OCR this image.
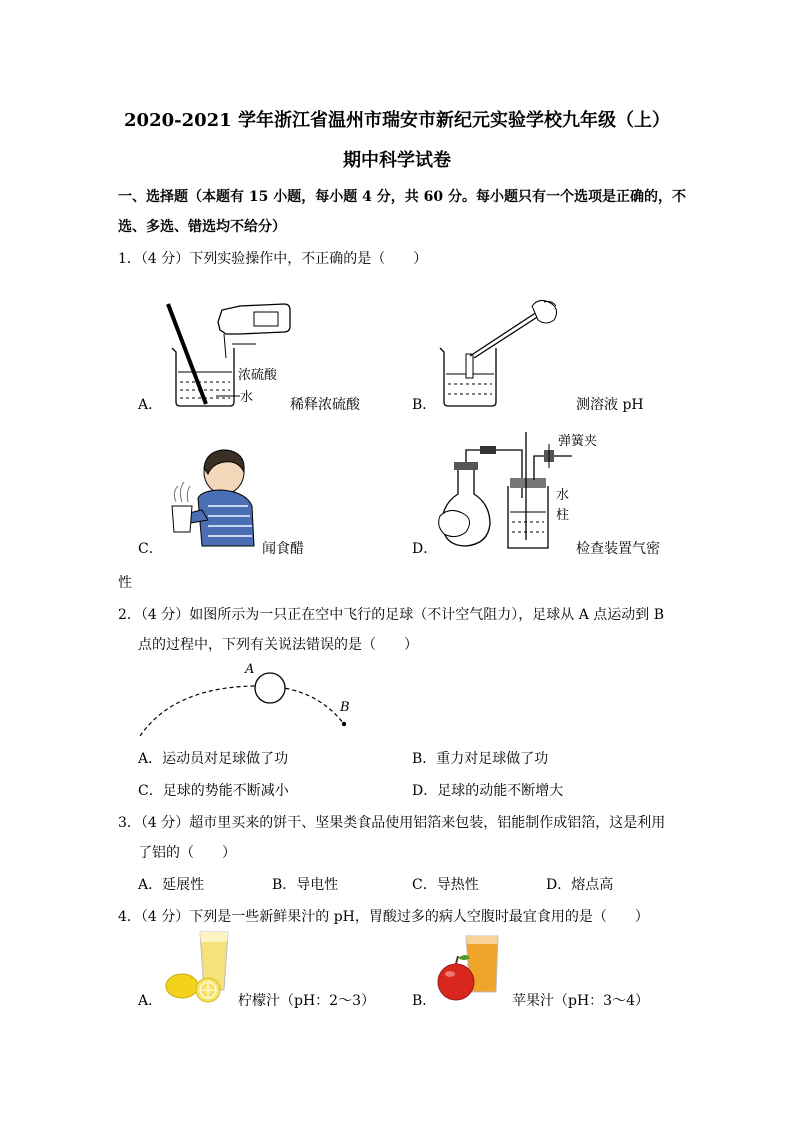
2020-2021 学年浙江省温州市瑞安市新纪元实验学校九年级（上）
期中科学试卷
一、选择题（本题有 15 小题，每小题 4 分，共 60 分。每小题只有一个选项是正确的，不
选、多选、错选均不给分）
1．（4 分）下列实验操作中，不正确的是（　　）
浓硫酸
水
A．	稀释浓硫酸	B．	测溶液 pH
C．	闻食醋
弹簧夹
水
柱
D．	检查装置气密
性
2．（4 分）如图所示为一只正在空中飞行的足球（不计空气阻力），足球从 A 点运动到 B
点的过程中，下列有关说法错误的是（　　）
A
B
A．运动员对足球做了功	B．重力对足球做了功
C．足球的势能不断减小	D．足球的动能不断增大
3．（4 分）超市里买来的饼干、坚果类食品使用铝箔来包装，铝能制作成铝箔，这是利用
了铝的（　　）
A．延展性	B．导电性	C．导热性	D．熔点高
4．（4 分）下列是一些新鲜果汁的 pH，胃酸过多的病人空腹时最宜食用的是（　　）
A．	柠檬汁（pH：2～3）	B．	苹果汁（pH：3～4）
